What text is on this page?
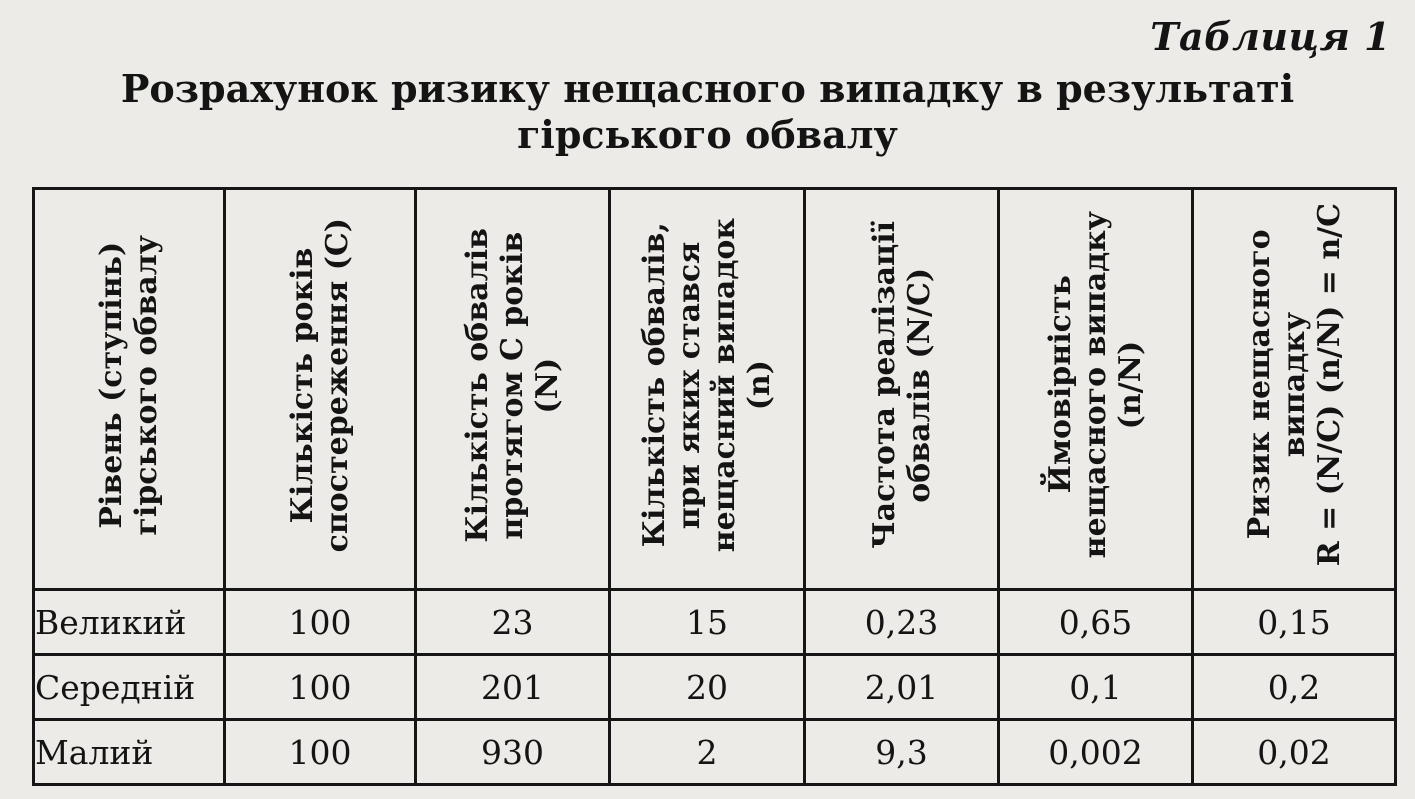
Таблиця 1
Розрахунок ризику нещасного випадку в результаті
гірського обвалу
Рівень (ступінь) гірського обвалу	Кількість років спостереження (C)	Кількість обвалів протягом C років (N)	Кількість обвалів, при яких стався нещасний випадок (n)	Частота реалізації обвалів (N/C)	Ймовірність нещасного випадку (n/N)	Ризик нещасного випадку R = (N/C) (n/N) = n/C

Великий	100	23	15	0,23	0,65	0,15
Середній	100	201	20	2,01	0,1	0,2
Малий	100	930	2	9,3	0,002	0,02
